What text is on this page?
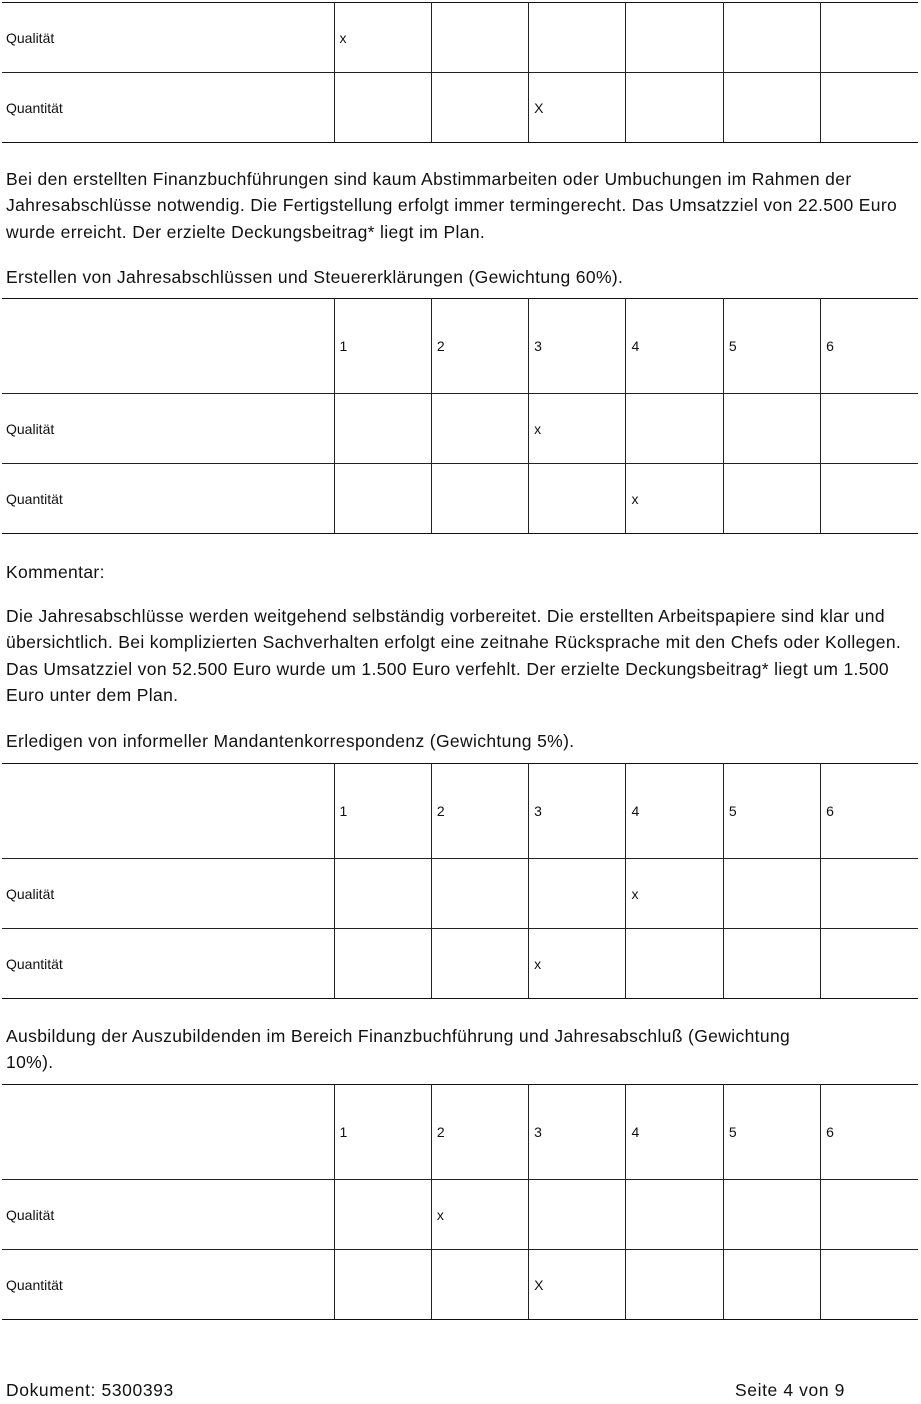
Qualität	x					
Quantität			X			

Bei den erstellten Finanzbuchführungen sind kaum Abstimmarbeiten oder Umbuchungen im Rahmen der Jahresabschlüsse notwendig. Die Fertigstellung erfolgt immer termingerecht. Das Umsatzziel von 22.500 Euro wurde erreicht. Der erzielte Deckungsbeitrag* liegt im Plan.

Erstellen von Jahresabschlüssen und Steuererklärungen (Gewichtung 60%).

	1	2	3	4	5	6
Qualität			x			
Quantität				x		

Kommentar:

Die Jahresabschlüsse werden weitgehend selbständig vorbereitet. Die erstellten Arbeitspapiere sind klar und übersichtlich. Bei komplizierten Sachverhalten erfolgt eine zeitnahe Rücksprache mit den Chefs oder Kollegen. Das Umsatzziel von 52.500 Euro wurde um 1.500 Euro verfehlt. Der erzielte Deckungsbeitrag* liegt um 1.500 Euro unter dem Plan.

Erledigen von informeller Mandantenkorrespondenz (Gewichtung 5%).

	1	2	3	4	5	6
Qualität				x		
Quantität			x			

Ausbildung der Auszubildenden im Bereich Finanzbuchführung und Jahresabschluß (Gewichtung 10%).

	1	2	3	4	5	6
Qualität		x				
Quantität			X			
Dokument: 5300393	Seite 4 von 9
